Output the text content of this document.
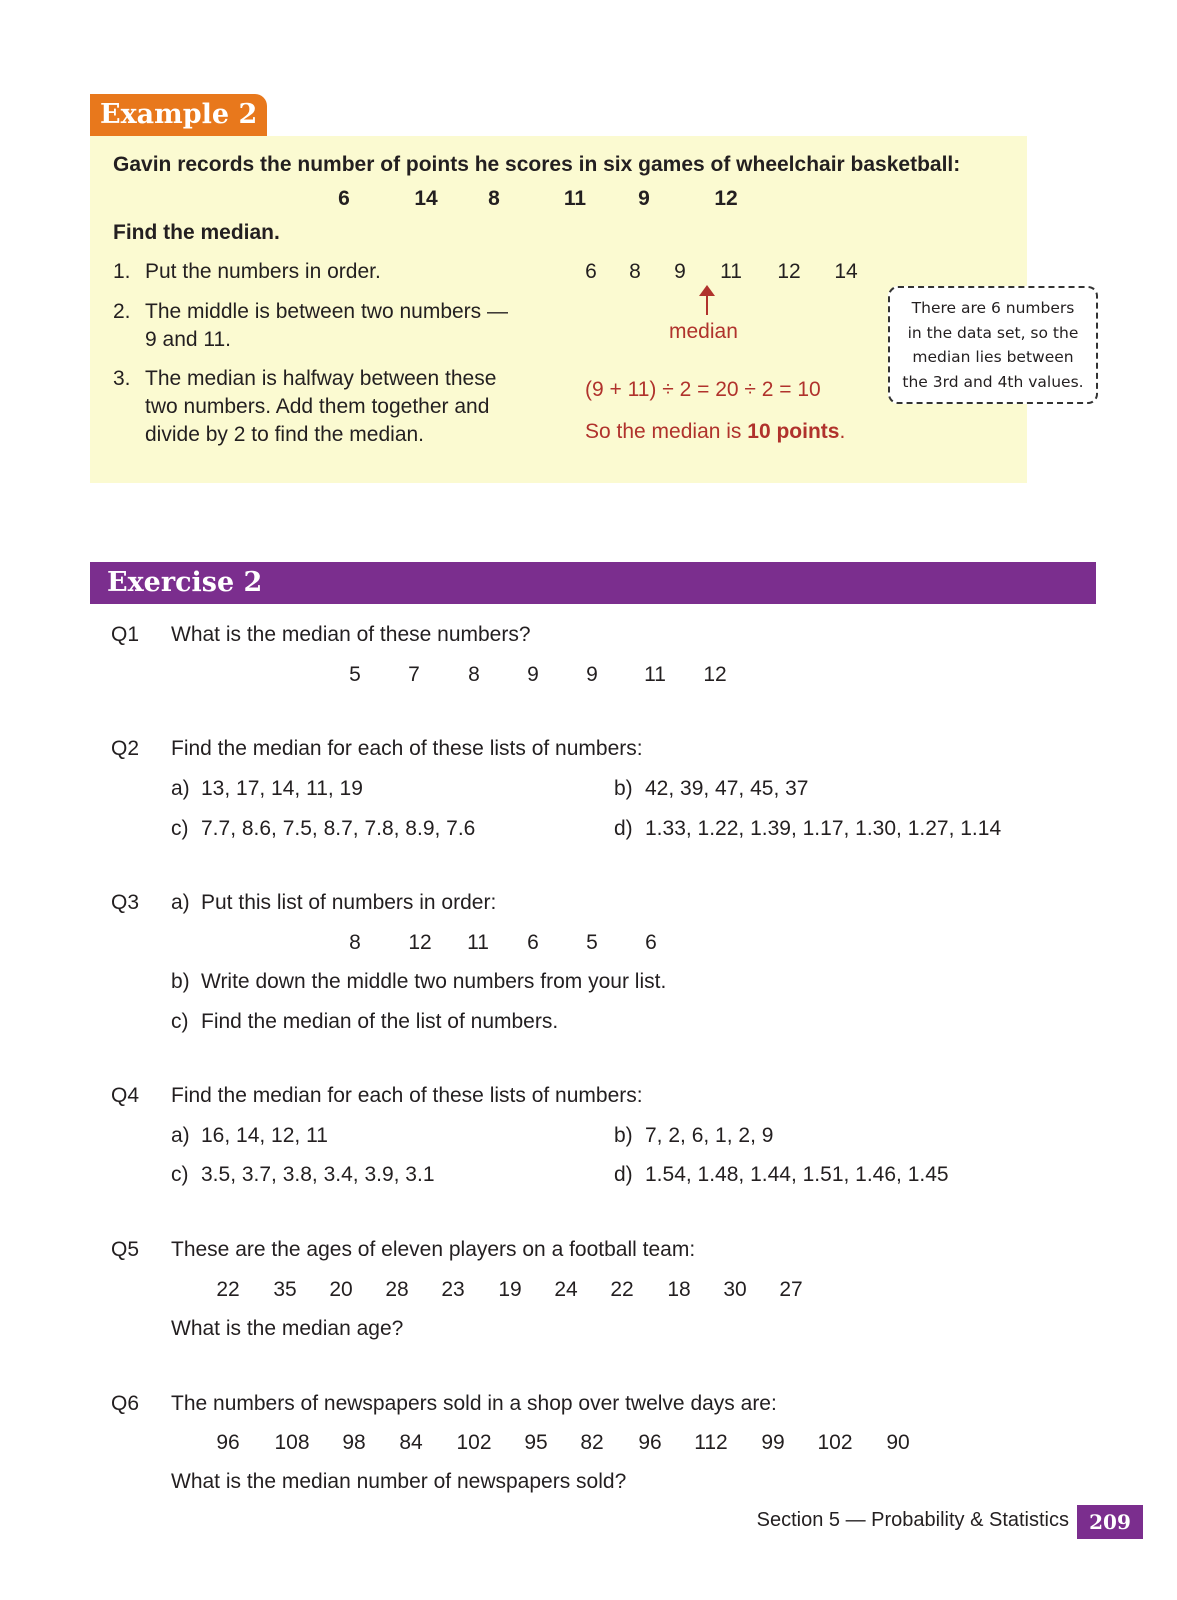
Example 2
Gavin records the number of points he scores in six games of wheelchair basketball:
6	14	8	11	9	12
Find the median.
1. Put the numbers in order.
2. The middle is between two numbers —
9 and 11.
3. The median is halfway between these
two numbers. Add them together and
divide by 2 to find the median.
6	8	9	11	12	14
median
(9 + 11) ÷ 2 = 20 ÷ 2 = 10
So the median is 10 points.
There are 6 numbers
in the data set, so the
median lies between
the 3rd and 4th values.
Exercise 2
Q1 What is the median of these numbers?
5	7	8	9	9	11	12
Q2 Find the median for each of these lists of numbers:
a) 13, 17, 14, 11, 19	b) 42, 39, 47, 45, 37
c) 7.7, 8.6, 7.5, 8.7, 7.8, 8.9, 7.6	d) 1.33, 1.22, 1.39, 1.17, 1.30, 1.27, 1.14
Q3 a) Put this list of numbers in order:
8	12	11	6	5	6
b) Write down the middle two numbers from your list.
c) Find the median of the list of numbers.
Q4 Find the median for each of these lists of numbers:
a) 16, 14, 12, 11	b) 7, 2, 6, 1, 2, 9
c) 3.5, 3.7, 3.8, 3.4, 3.9, 3.1	d) 1.54, 1.48, 1.44, 1.51, 1.46, 1.45
Q5 These are the ages of eleven players on a football team:
22	35	20	28	23	19	24	22	18	30	27
What is the median age?
Q6 The numbers of newspapers sold in a shop over twelve days are:
96	108	98	84	102	95	82	96	112	99	102	90
What is the median number of newspapers sold?
Section 5 — Probability & Statistics	209
